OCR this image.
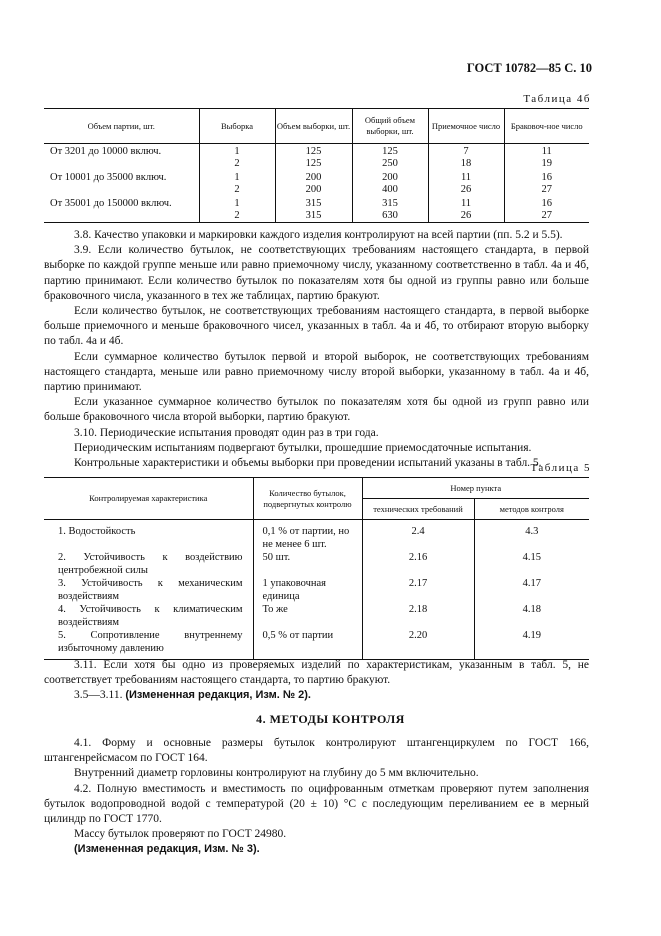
ГОСТ 10782—85 С. 10
Таблица 4б
Объем партии, шт.	Выборка	Объем выборки, шт.	Общий объем выборки, шт.	Приемочное число	Браковоч-ное число
От 3201 до 10000 включ.	1	125	125	7	11
	2	125	250	18	19
От 10001 до 35000 включ.	1	200	200	11	16
	2	200	400	26	27
От 35001 до 150000 включ.	1	315	315	11	16
	2	315	630	26	27

3.8. Качество упаковки и маркировки каждого изделия контролируют на всей партии (пп. 5.2 и 5.5).

3.9. Если количество бутылок, не соответствующих требованиям настоящего стандарта, в первой выборке по каждой группе меньше или равно приемочному числу, указанному соответственно в табл. 4а и 4б, партию принимают. Если количество бутылок по показателям хотя бы одной из группы равно или больше браковочного числа, указанного в тех же таблицах, партию бракуют.

Если количество бутылок, не соответствующих требованиям настоящего стандарта, в первой выборке больше приемочного и меньше браковочного чисел, указанных в табл. 4а и 4б, то отбирают вторую выборку по табл. 4а и 4б.

Если суммарное количество бутылок первой и второй выборок, не соответствующих требованиям настоящего стандарта, меньше или равно приемочному числу второй выборки, указанному в табл. 4а и 4б, партию принимают.

Если указанное суммарное количество бутылок по показателям хотя бы одной из групп равно или больше браковочного числа второй выборки, партию бракуют.

3.10. Периодические испытания проводят один раз в три года.

Периодическим испытаниям подвергают бутылки, прошедшие приемосдаточные испытания.

Контрольные характеристики и объемы выборки при проведении испытаний указаны в табл. 5.

Таблица 5
Контролируемая характеристика	Количество бутылок, подвергнутых контролю	Номер пункта	
		технических требований	методов контроля
1. Водостойкость	0,1 % от партии, но не менее 6 шт.	2.4	4.3
2. Устойчивость к воздействию центробежной силы	50 шт.	2.16	4.15
3. Устойчивость к механическим воздействиям	1 упаковочная единица	2.17	4.17
4. Устойчивость к климатическим воздействиям	То же	2.18	4.18
5. Сопротивление внутреннему избыточному давлению	0,5 % от партии	2.20	4.19

3.11. Если хотя бы одно из проверяемых изделий по характеристикам, указанным в табл. 5, не соответствует требованиям настоящего стандарта, то партию бракуют.

3.5—3.11. (Измененная редакция, Изм. № 2).

4. МЕТОДЫ КОНТРОЛЯ

4.1. Форму и основные размеры бутылок контролируют штангенциркулем по ГОСТ 166, штангенрейсмасом по ГОСТ 164.

Внутренний диаметр горловины контролируют на глубину до 5 мм включительно.

4.2. Полную вместимость и вместимость по оцифрованным отметкам проверяют путем заполнения бутылок водопроводной водой с температурой (20 ± 10) °С с последующим переливанием ее в мерный цилиндр по ГОСТ 1770.

Массу бутылок проверяют по ГОСТ 24980.

(Измененная редакция, Изм. № 3).
